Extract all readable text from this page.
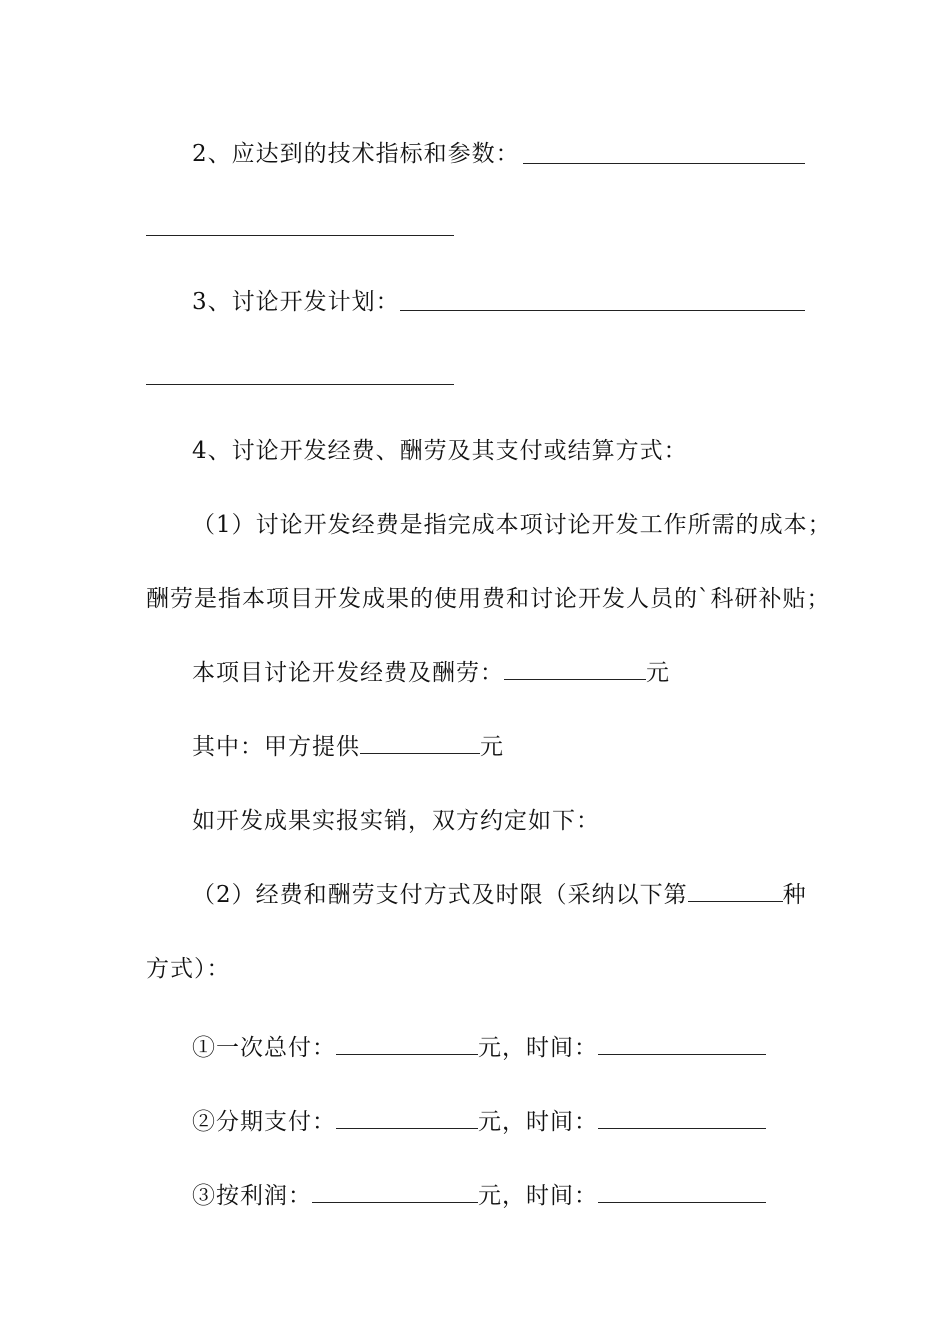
2、应达到的技术指标和参数：
3、讨论开发计划：
4、讨论开发经费、酬劳及其支付或结算方式：
（1）讨论开发经费是指完成本项讨论开发工作所需的成本；
酬劳是指本项目开发成果的使用费和讨论开发人员的`科研补贴；
本项目讨论开发经费及酬劳：	元
其中：甲方提供	元
如开发成果实报实销，双方约定如下：
（2）经费和酬劳支付方式及时限（采纳以下第	种
方式）：
①一次总付：	元，时间：
②分期支付：	元，时间：
③按利润：	元，时间：
